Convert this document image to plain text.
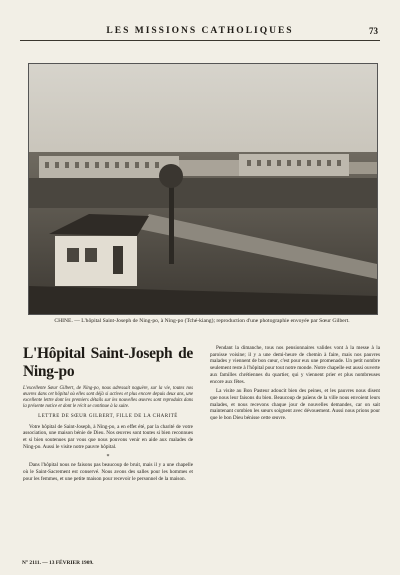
LES MISSIONS CATHOLIQUES	73
CHINE. — L'hôpital Saint-Joseph de Ning-po, à Ning-po (Tché-kiang); reproduction d'une photographie envoyée par Sœur Gilbert.
L'Hôpital Saint-Joseph de Ning-po
L'excellente Sœur Gilbert, de Ning-po, nous adressait naguère, sur la vie, toutes nos œuvres dans cet hôpital où elles sont déjà si actives et plus encore depuis deux ans, une excellente lettre dont les premiers détails sur les nouvelles œuvres sont reproduits dans la présente notice et dont le récit se continue à la suite.
LETTRE DE SŒUR GILBERT, FILLE DE LA CHARITÉ

Votre hôpital de Saint-Joseph, à Ning-po, a en effet été, par la charité de votre association, une maison bénie de Dieu. Nos œuvres sont toutes si bien reconnues et si bien soutenues par vous que nous pouvons venir en aide aux malades de Ning-po. Aussi le visite notre pauvre hôpital.

*

Dans l'hôpital nous ne faisons pas beaucoup de bruit, mais il y a une chapelle où le Saint-Sacrement est conservé. Nous avons des salles pour les hommes et pour les femmes, et une petite maison pour recevoir le personnel de la maison.

Pendant la dimanche, tous nos pensionnaires valides vont à la messe à la paroisse voisine; il y a une demi-heure de chemin à faire, mais nos pauvres malades y viennent de bon cœur, c'est pour eux une promenade. Un petit nombre seulement reste à l'hôpital pour tout notre monde. Notre chapelle est aussi ouverte aux familles chrétiennes du quartier, qui y viennent prier et plus nombreuses encore aux fêtes.

La visite au Bon Pasteur adoucit bien des peines, et les pauvres nous disent que nous leur faisons du bien. Beaucoup de païens de la ville nous envoient leurs malades, et nous recevons chaque jour de nouvelles demandes, car on sait maintenant combien les sœurs soignent avec dévouement. Aussi nous prions pour que le bon Dieu bénisse cette œuvre.

N° 2111. — 13 FÉVRIER 1909.
